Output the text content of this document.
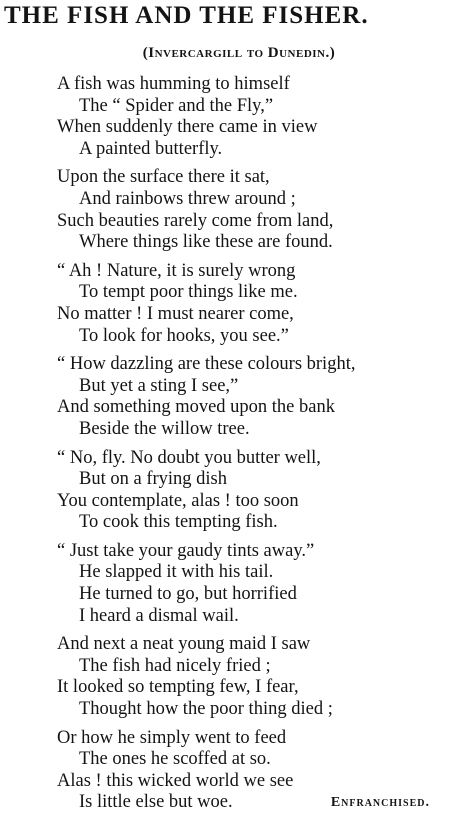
THE FISH AND THE FISHER.
(Invercargill to Dunedin.)
A fish was humming to himself
The “ Spider and the Fly,”
When suddenly there came in view
A painted butterfly.
Upon the surface there it sat,
And rainbows threw around ;
Such beauties rarely come from land,
Where things like these are found.
“ Ah ! Nature, it is surely wrong
To tempt poor things like me.
No matter ! I must nearer come,
To look for hooks, you see.”
“ How dazzling are these colours bright,
But yet a sting I see,”
And something moved upon the bank
Beside the willow tree.
“ No, fly. No doubt you butter well,
But on a frying dish
You contemplate, alas ! too soon
To cook this tempting fish.
“ Just take your gaudy tints away.”
He slapped it with his tail.
He turned to go, but horrified
I heard a dismal wail.
And next a neat young maid I saw
The fish had nicely fried ;
It looked so tempting few, I fear,
Thought how the poor thing died ;
Or how he simply went to feed
The ones he scoffed at so.
Alas ! this wicked world we see
Is little else but woe.	Enfranchised.
